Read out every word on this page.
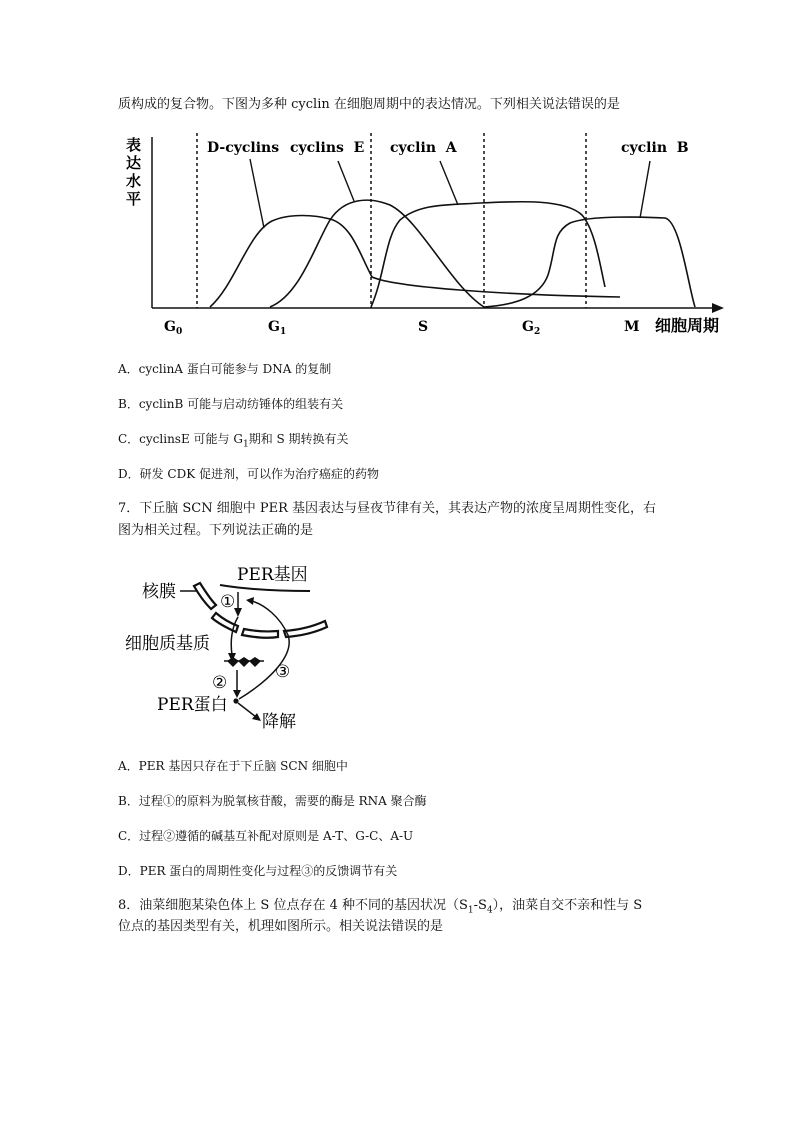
质构成的复合物。下图为多种 cyclin 在细胞周期中的表达情况。下列相关说法错误的是
表
达
水
平
D-cyclins cyclins  E cyclin  A	cyclin  B
$G_0$	$G_1$	S	$G_2$	M 细胞周期
A．cyclinA 蛋白可能参与 DNA 的复制
B．cyclinB 可能与启动纺锤体的组装有关
C．cyclinsE 可能与 $G_1$期和 S 期转换有关
D．研发 CDK 促进剂，可以作为治疗癌症的药物
7．下丘脑 SCN 细胞中 PER 基因表达与昼夜节律有关，其表达产物的浓度呈周期性变化，右
图为相关过程。下列说法正确的是
PER基因
核膜
细胞质基质
PER蛋白
降解
①
②
③
A．PER 基因只存在于下丘脑 SCN 细胞中
B．过程①的原料为脱氧核苷酸，需要的酶是 RNA 聚合酶
C．过程②遵循的碱基互补配对原则是 A-T、G-C、A-U
D．PER 蛋白的周期性变化与过程③的反馈调节有关
8．油菜细胞某染色体上 S 位点存在 4 种不同的基因状况$(S_1-S_4)$，油菜自交不亲和性与 S
位点的基因类型有关，机理如图所示。相关说法错误的是
